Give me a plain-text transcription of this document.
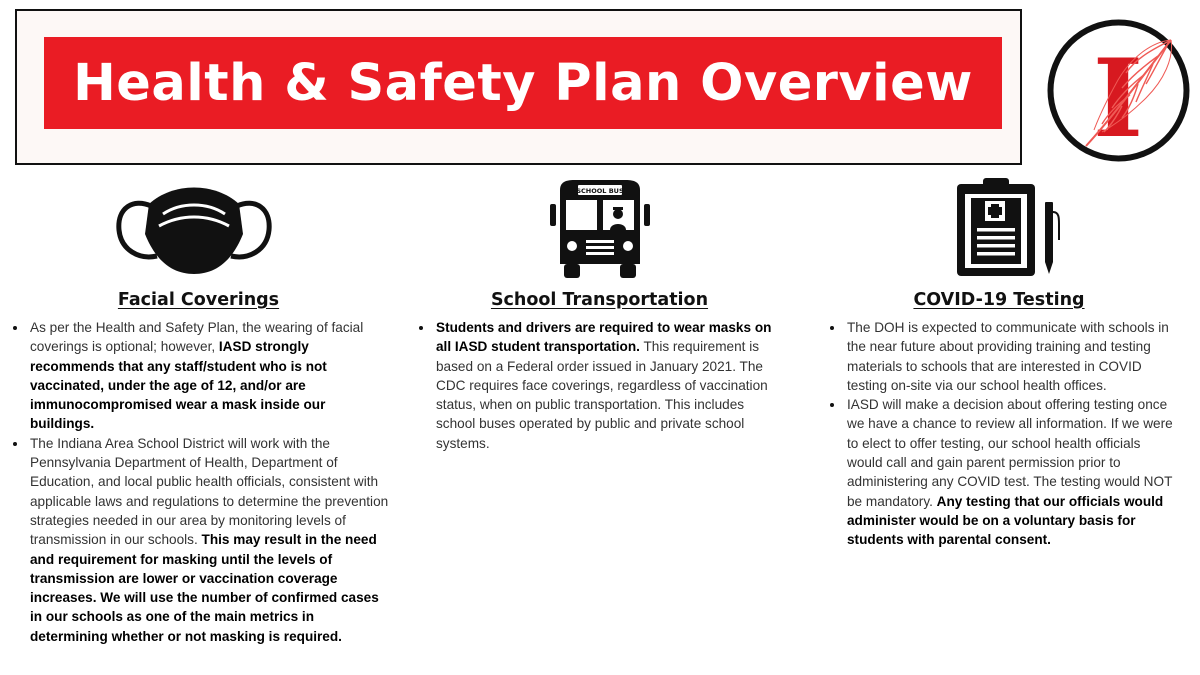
Health & Safety Plan Overview I
SCHOOL BUS
Facial Coverings
• As per the Health and Safety Plan, the wearing of facial coverings is optional; however, IASD strongly recommends that any staff/student who is not vaccinated, under the age of 12, and/or are immunocompromised wear a mask inside our buildings.
• The Indiana Area School District will work with the Pennsylvania Department of Health, Department of Education, and local public health officials, consistent with applicable laws and regulations to determine the prevention strategies needed in our area by monitoring levels of transmission in our schools. This may result in the need and requirement for masking until the levels of transmission are lower or vaccination coverage increases. We will use the number of confirmed cases in our schools as one of the main metrics in determining whether or not masking is required.
School Transportation
• Students and drivers are required to wear masks on all IASD student transportation. This requirement is based on a Federal order issued in January 2021. The CDC requires face coverings, regardless of vaccination status, when on public transportation. This includes school buses operated by public and private school systems.
COVID-19 Testing
• The DOH is expected to communicate with schools in the near future about providing training and testing materials to schools that are interested in COVID testing on-site via our school health offices.
• IASD will make a decision about offering testing once we have a chance to review all information. If we were to elect to offer testing, our school health officials would call and gain parent permission prior to administering any COVID test. The testing would NOT be mandatory. Any testing that our officials would administer would be on a voluntary basis for students with parental consent.
